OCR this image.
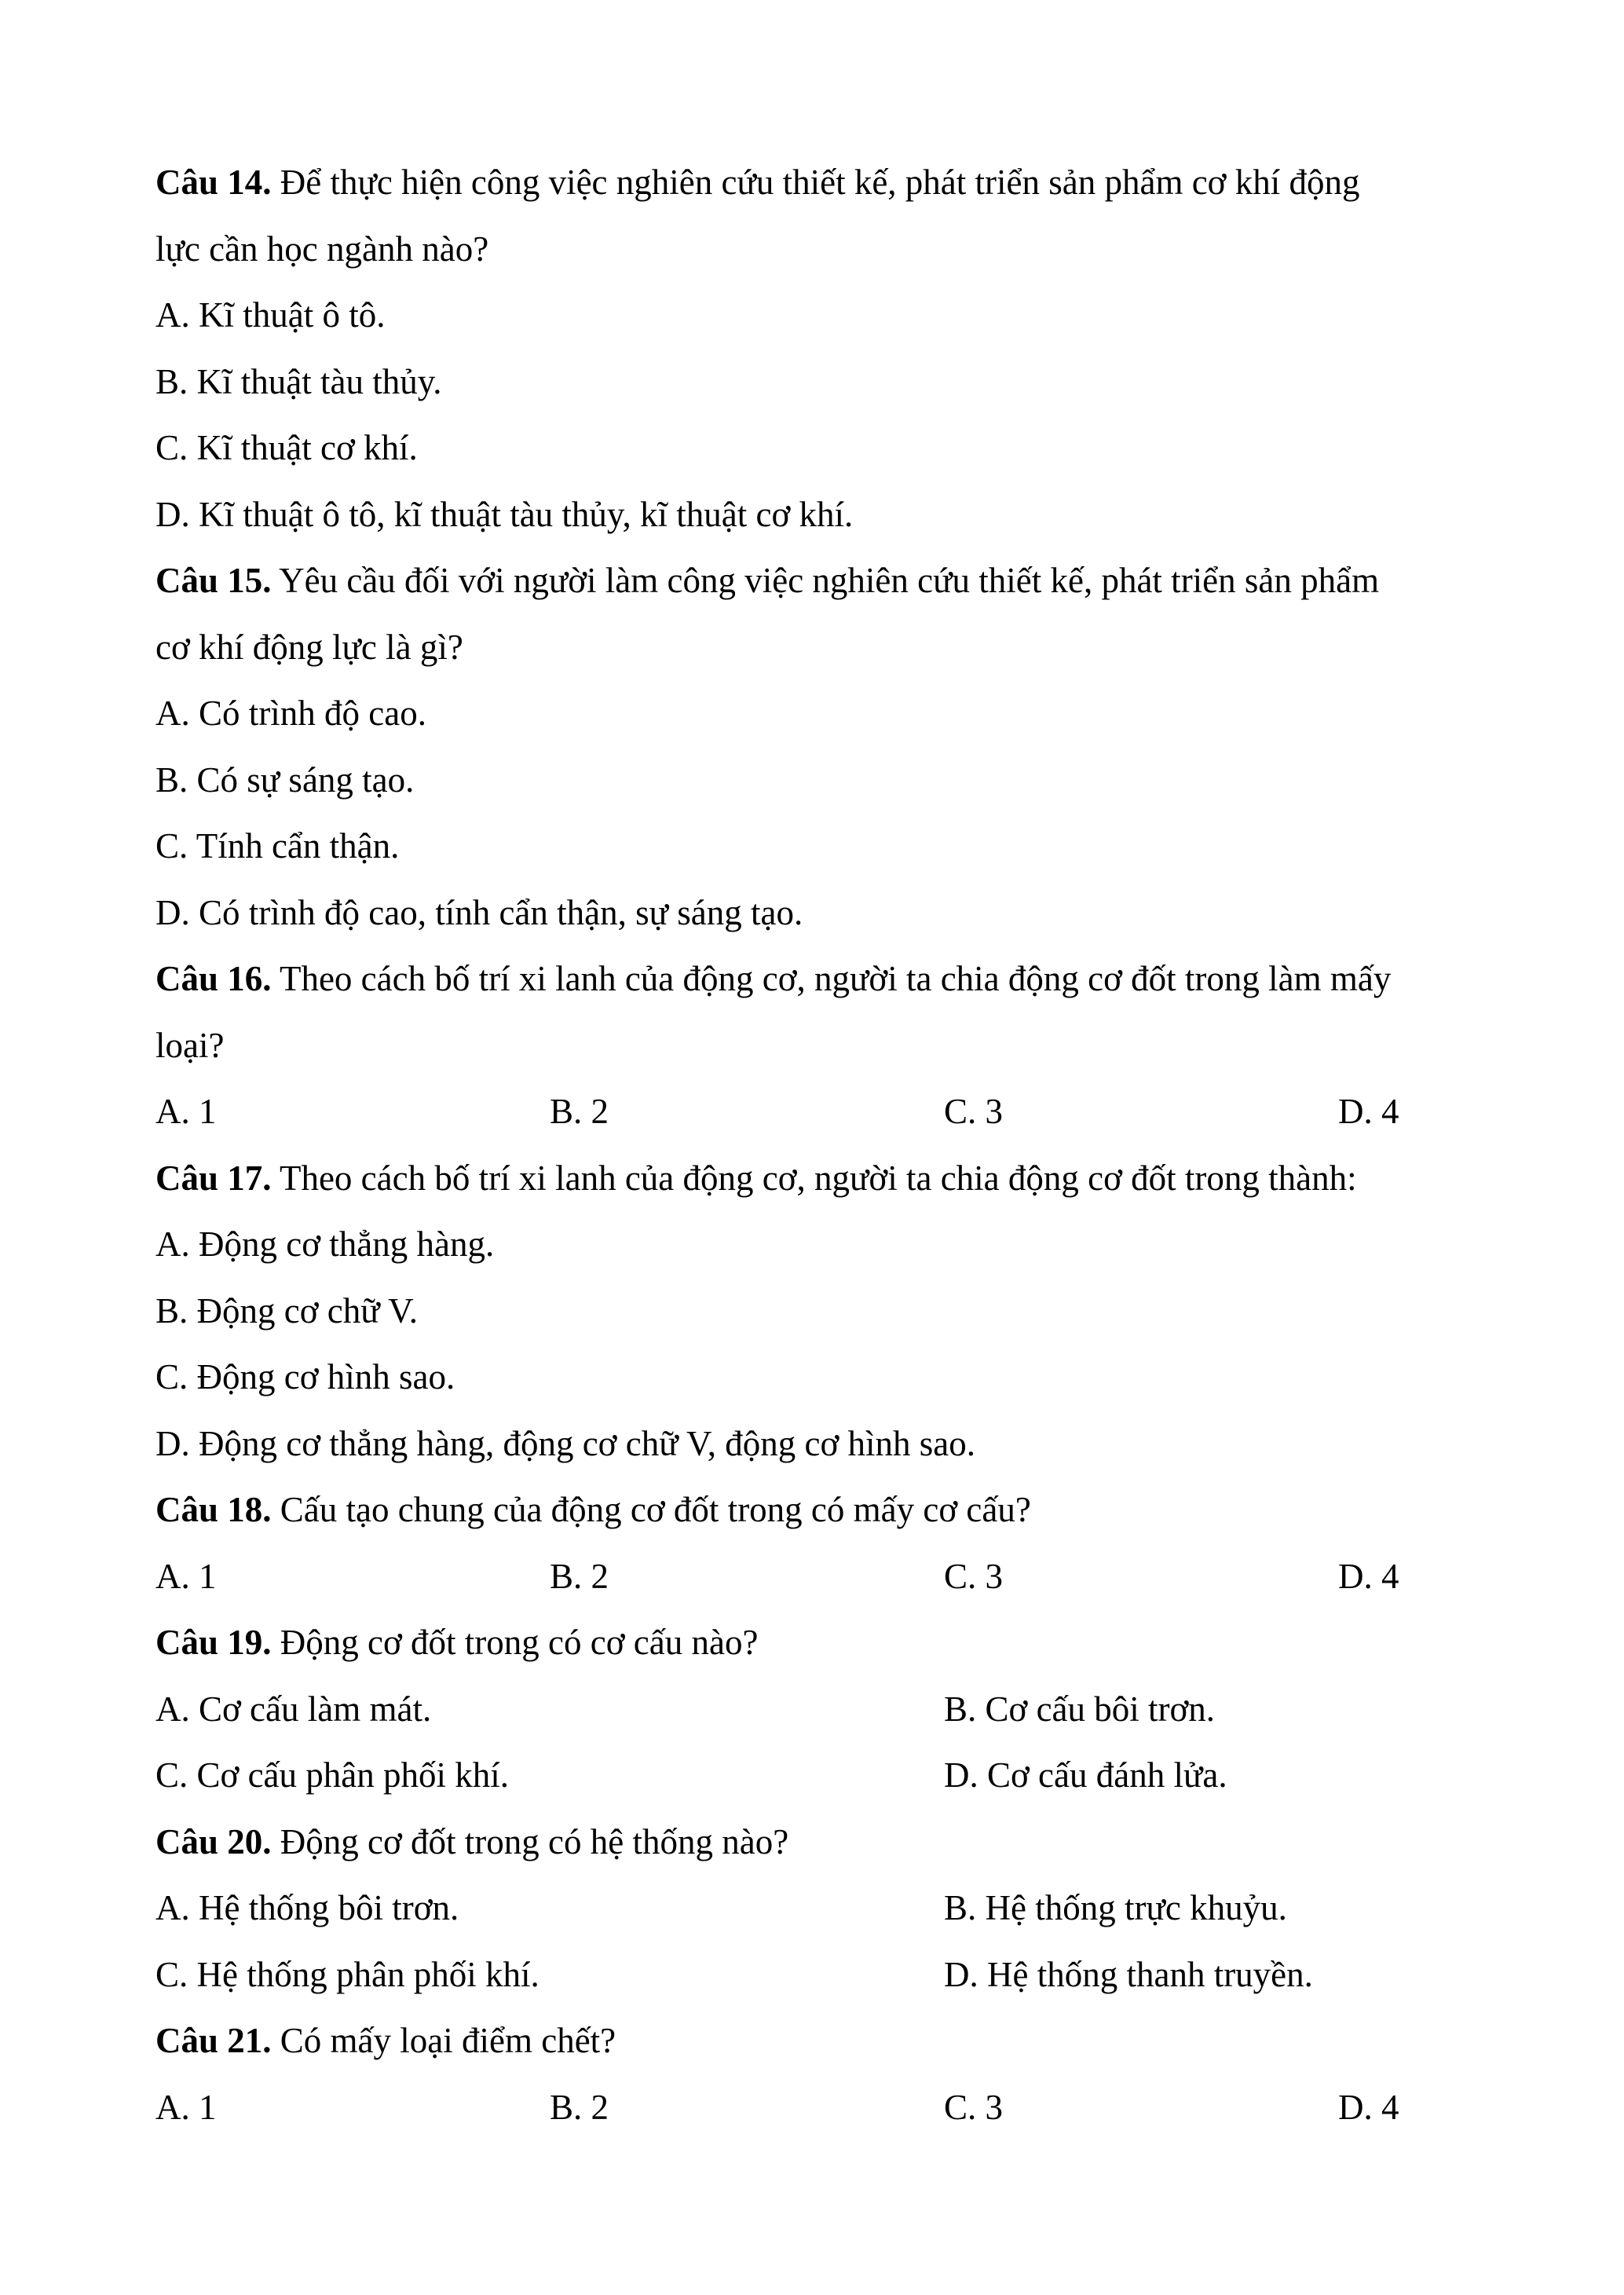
Câu 14. Để thực hiện công việc nghiên cứu thiết kế, phát triển sản phẩm cơ khí động
lực cần học ngành nào?
A. Kĩ thuật ô tô.
B. Kĩ thuật tàu thủy.
C. Kĩ thuật cơ khí.
D. Kĩ thuật ô tô, kĩ thuật tàu thủy, kĩ thuật cơ khí.
Câu 15. Yêu cầu đối với người làm công việc nghiên cứu thiết kế, phát triển sản phẩm
cơ khí động lực là gì?
A. Có trình độ cao.
B. Có sự sáng tạo.
C. Tính cẩn thận.
D. Có trình độ cao, tính cẩn thận, sự sáng tạo.
Câu 16. Theo cách bố trí xi lanh của động cơ, người ta chia động cơ đốt trong làm mấy
loại?
A. 1	B. 2	C. 3	D. 4
Câu 17. Theo cách bố trí xi lanh của động cơ, người ta chia động cơ đốt trong thành:
A. Động cơ thẳng hàng.
B. Động cơ chữ V.
C. Động cơ hình sao.
D. Động cơ thẳng hàng, động cơ chữ V, động cơ hình sao.
Câu 18. Cấu tạo chung của động cơ đốt trong có mấy cơ cấu?
A. 1	B. 2	C. 3	D. 4
Câu 19. Động cơ đốt trong có cơ cấu nào?
A. Cơ cấu làm mát.	B. Cơ cấu bôi trơn.
C. Cơ cấu phân phối khí.	D. Cơ cấu đánh lửa.
Câu 20. Động cơ đốt trong có hệ thống nào?
A. Hệ thống bôi trơn.	B. Hệ thống trực khuỷu.
C. Hệ thống phân phối khí.	D. Hệ thống thanh truyền.
Câu 21. Có mấy loại điểm chết?
A. 1	B. 2	C. 3	D. 4
